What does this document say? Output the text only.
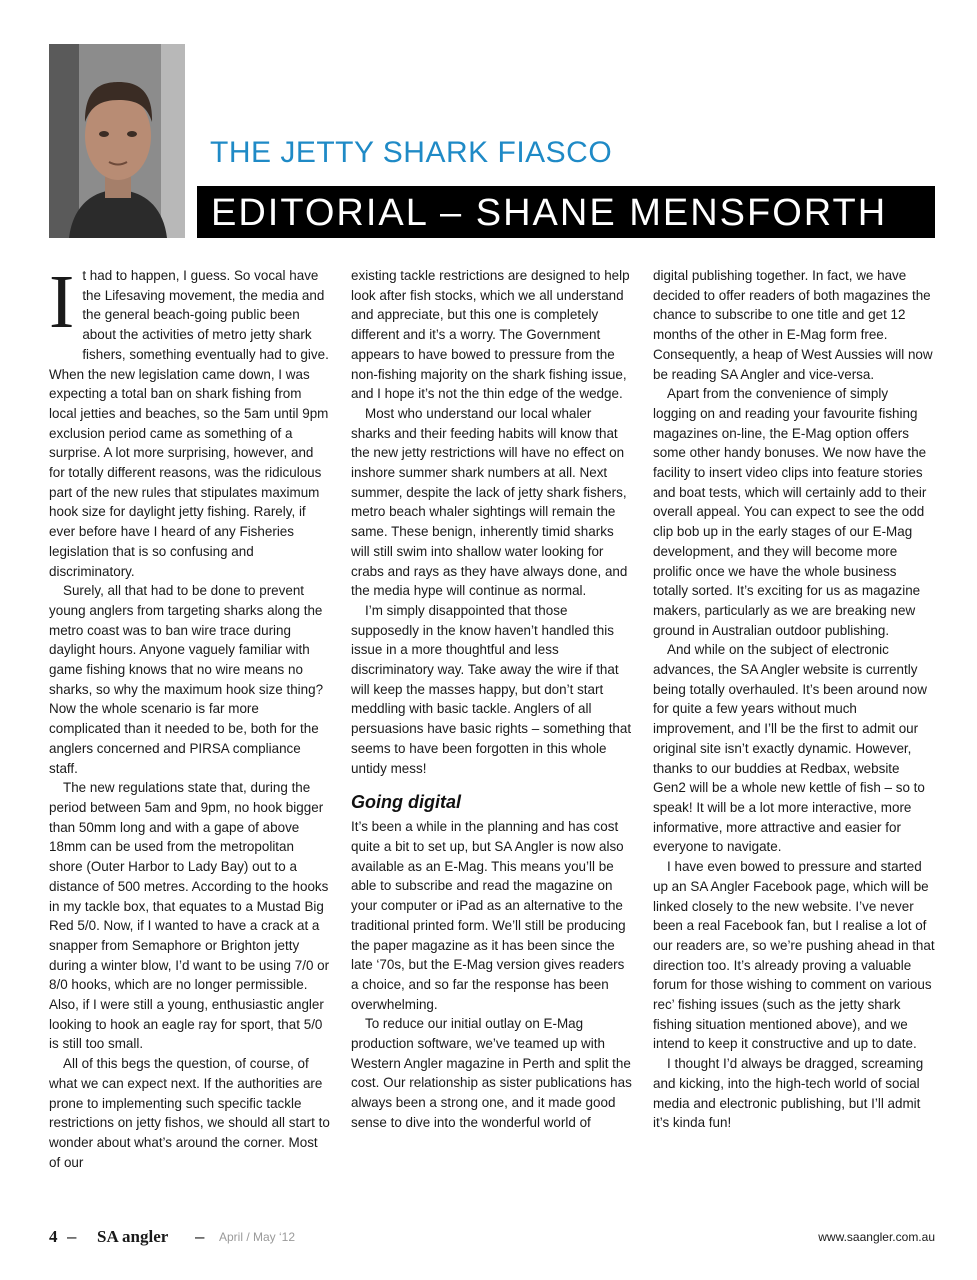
THE JETTY SHARK FIASCO
EDITORIAL – SHANE MENSFORTH
I t had to happen, I guess. So vocal have the Lifesaving movement, the media and the general beach-going public been about the activities of metro jetty shark fishers, something eventually had to give. When the new legislation came down, I was expecting a total ban on shark fishing from local jetties and beaches, so the 5am until 9pm exclusion period came as something of a surprise. A lot more surprising, however, and for totally different reasons, was the ridiculous part of the new rules that stipulates maximum hook size for daylight jetty fishing. Rarely, if ever before have I heard of any Fisheries legislation that is so confusing and discriminatory.

Surely, all that had to be done to prevent young anglers from targeting sharks along the metro coast was to ban wire trace during daylight hours. Anyone vaguely familiar with game fishing knows that no wire means no sharks, so why the maximum hook size thing? Now the whole scenario is far more complicated than it needed to be, both for the anglers concerned and PIRSA compliance staff.

The new regulations state that, during the period between 5am and 9pm, no hook bigger than 50mm long and with a gape of above 18mm can be used from the metropolitan shore (Outer Harbor to Lady Bay) out to a distance of 500 metres. According to the hooks in my tackle box, that equates to a Mustad Big Red 5/0. Now, if I wanted to have a crack at a snapper from Semaphore or Brighton jetty during a winter blow, I’d want to be using 7/0 or 8/0 hooks, which are no longer permissible. Also, if I were still a young, enthusiastic angler looking to hook an eagle ray for sport, that 5/0 is still too small.

All of this begs the question, of course, of what we can expect next. If the authorities are prone to implementing such specific tackle restrictions on jetty fishos, we should all start to wonder about what’s around the corner. Most of our

existing tackle restrictions are designed to help look after fish stocks, which we all understand and appreciate, but this one is completely different and it’s a worry. The Government appears to have bowed to pressure from the non-fishing majority on the shark fishing issue, and I hope it’s not the thin edge of the wedge.

Most who understand our local whaler sharks and their feeding habits will know that the new jetty restrictions will have no effect on inshore summer shark numbers at all. Next summer, despite the lack of jetty shark fishers, metro beach whaler sightings will remain the same. These benign, inherently timid sharks will still swim into shallow water looking for crabs and rays as they have always done, and the media hype will continue as normal.

I’m simply disappointed that those supposedly in the know haven’t handled this issue in a more thoughtful and less discriminatory way. Take away the wire if that will keep the masses happy, but don’t start meddling with basic tackle. Anglers of all persuasions have basic rights – something that seems to have been forgotten in this whole untidy mess!

Going digital

It’s been a while in the planning and has cost quite a bit to set up, but SA Angler is now also available as an E-Mag. This means you’ll be able to subscribe and read the magazine on your computer or iPad as an alternative to the traditional printed form. We’ll still be producing the paper magazine as it has been since the late ‘70s, but the E-Mag version gives readers a choice, and so far the response has been overwhelming.

To reduce our initial outlay on E-Mag production software, we’ve teamed up with Western Angler magazine in Perth and split the cost. Our relationship as sister publications has always been a strong one, and it made good sense to dive into the wonderful world of

digital publishing together. In fact, we have decided to offer readers of both magazines the chance to subscribe to one title and get 12 months of the other in E-Mag form free. Consequently, a heap of West Aussies will now be reading SA Angler and vice-versa.

Apart from the convenience of simply logging on and reading your favourite fishing magazines on-line, the E-Mag option offers some other handy bonuses. We now have the facility to insert video clips into feature stories and boat tests, which will certainly add to their overall appeal. You can expect to see the odd clip bob up in the early stages of our E-Mag development, and they will become more prolific once we have the whole business totally sorted. It’s exciting for us as magazine makers, particularly as we are breaking new ground in Australian outdoor publishing.

And while on the subject of electronic advances, the SA Angler website is currently being totally overhauled. It’s been around now for quite a few years without much improvement, and I’ll be the first to admit our original site isn’t exactly dynamic. However, thanks to our buddies at Redbax, website Gen2 will be a whole new kettle of fish – so to speak! It will be a lot more interactive, more informative, more attractive and easier for everyone to navigate.

I have even bowed to pressure and started up an SA Angler Facebook page, which will be linked closely to the new website. I’ve never been a real Facebook fan, but I realise a lot of our readers are, so we’re pushing ahead in that direction too. It’s already proving a valuable forum for those wishing to comment on various rec’ fishing issues (such as the jetty shark fishing situation mentioned above), and we intend to keep it constructive and up to date.

I thought I’d always be dragged, screaming and kicking, into the high-tech world of social media and electronic publishing, but I’ll admit it’s kinda fun!

4 – SA angler – April / May ‘12	www.saangler.com.au
